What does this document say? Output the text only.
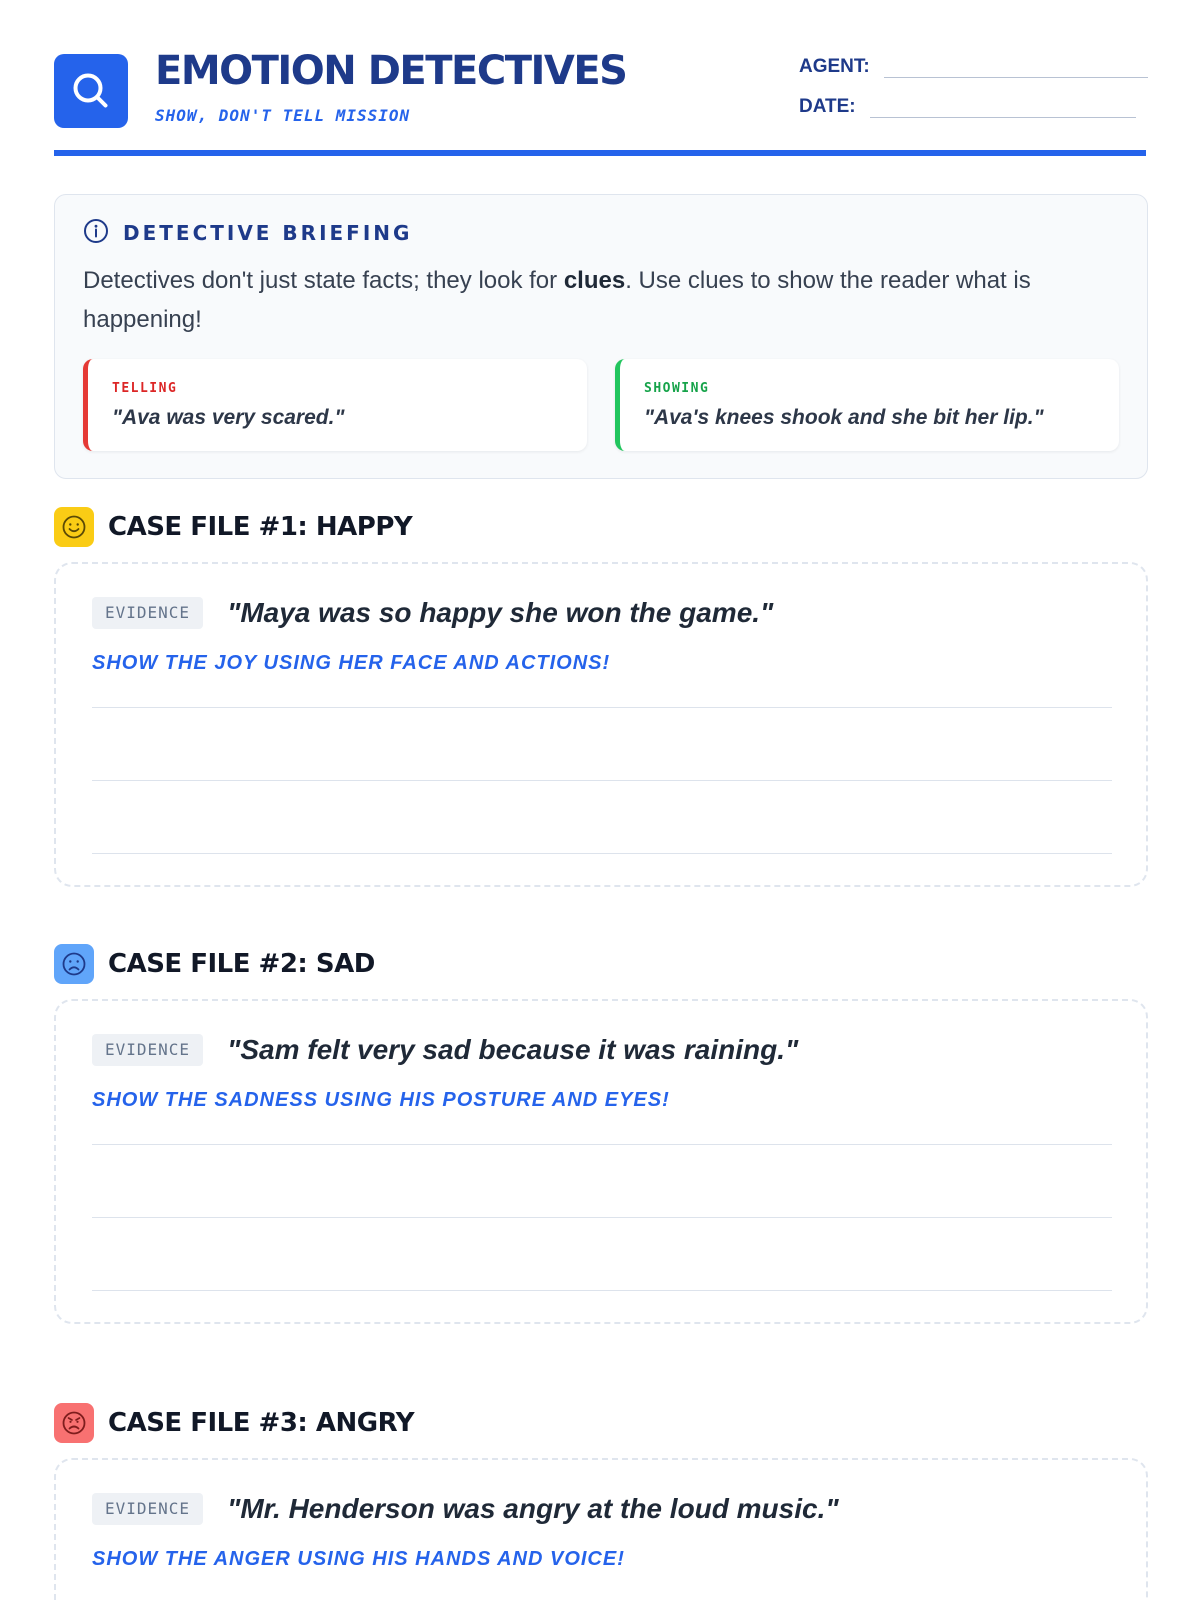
EMOTION DETECTIVES
SHOW, DON'T TELL MISSION
AGENT:
DATE:
DETECTIVE BRIEFING
Detectives don't just state facts; they look for clues. Use clues to show the reader what is happening!
TELLING
"Ava was very scared."
SHOWING
"Ava's knees shook and she bit her lip."
CASE FILE #1: HAPPY
EVIDENCE	"Maya was so happy she won the game."
SHOW THE JOY USING HER FACE AND ACTIONS!
CASE FILE #2: SAD
EVIDENCE	"Sam felt very sad because it was raining."
SHOW THE SADNESS USING HIS POSTURE AND EYES!
CASE FILE #3: ANGRY
EVIDENCE	"Mr. Henderson was angry at the loud music."
SHOW THE ANGER USING HIS HANDS AND VOICE!
